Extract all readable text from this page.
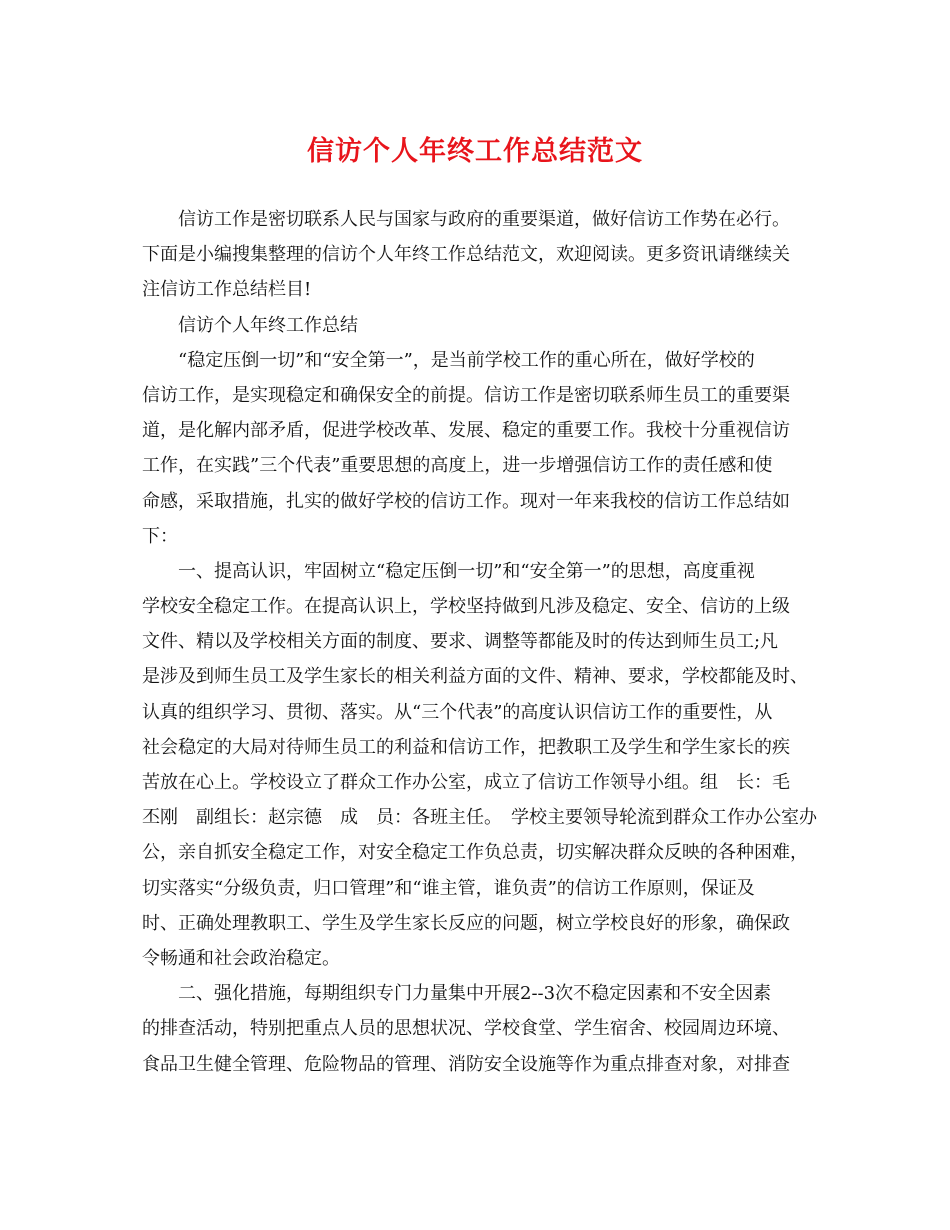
信访个人年终工作总结范文
信访工作是密切联系人民与国家与政府的重要渠道，做好信访工作势在必行。
下面是小编搜集整理的信访个人年终工作总结范文，欢迎阅读。更多资讯请继续关
注信访工作总结栏目!
信访个人年终工作总结
“稳定压倒一切”和“安全第一”，是当前学校工作的重心所在，做好学校的
信访工作，是实现稳定和确保安全的前提。信访工作是密切联系师生员工的重要渠
道，是化解内部矛盾，促进学校改革、发展、稳定的重要工作。我校十分重视信访
工作，在实践”三个代表”重要思想的高度上，进一步增强信访工作的责任感和使
命感，采取措施，扎实的做好学校的信访工作。现对一年来我校的信访工作总结如
下：
一、提高认识，牢固树立“稳定压倒一切”和“安全第一”的思想，高度重视
学校安全稳定工作。在提高认识上，学校坚持做到凡涉及稳定、安全、信访的上级
文件、精以及学校相关方面的制度、要求、调整等都能及时的传达到师生员工;凡
是涉及到师生员工及学生家长的相关利益方面的文件、精神、要求，学校都能及时、
认真的组织学习、贯彻、落实。从“三个代表”的高度认识信访工作的重要性，从
社会稳定的大局对待师生员工的利益和信访工作，把教职工及学生和学生家长的疾
苦放在心上。学校设立了群众工作办公室，成立了信访工作领导小组。组　长：毛
丕刚　副组长：赵宗德　成　员：各班主任。　学校主要领导轮流到群众工作办公室办
公，亲自抓安全稳定工作，对安全稳定工作负总责，切实解决群众反映的各种困难，
切实落实“分级负责，归口管理”和“谁主管，谁负责”的信访工作原则，保证及
时、正确处理教职工、学生及学生家长反应的问题，树立学校良好的形象，确保政
令畅通和社会政治稳定。
二、强化措施，每期组织专门力量集中开展2--3次不稳定因素和不安全因素
的排查活动，特别把重点人员的思想状况、学校食堂、学生宿舍、校园周边环境、
食品卫生健全管理、危险物品的管理、消防安全设施等作为重点排查对象，对排查
